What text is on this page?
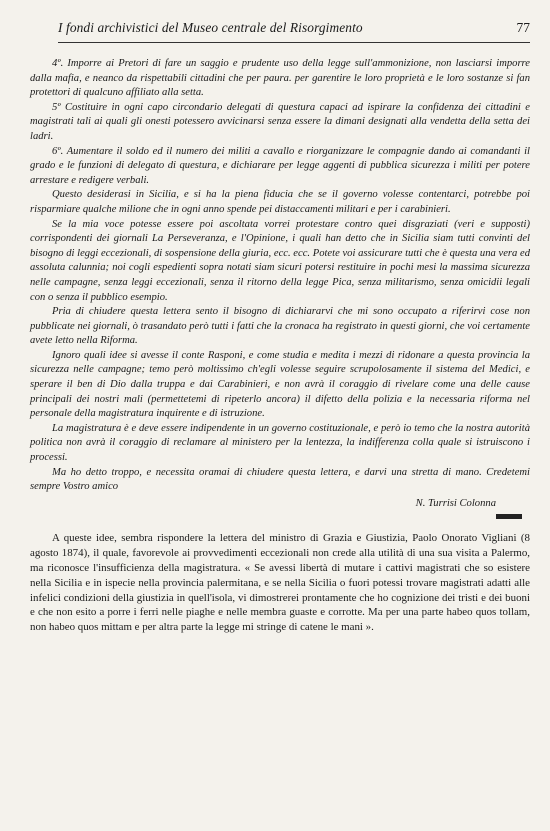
I fondi archivistici del Museo centrale del Risorgimento	77

4º. Imporre ai Pretori di fare un saggio e prudente uso della legge sull'ammonizione, non lasciarsi imporre dalla mafia, e neanco da rispettabili cittadini che per paura. per garentire le loro proprietà e le loro sostanze si fan protettori di qualcuno affiliato alla setta.

5º Costituire in ogni capo circondario delegati di questura capaci ad ispirare la confidenza dei cittadini e magistrati tali ai quali gli onesti potessero avvicinarsi senza essere la dimani designati alla vendetta della setta dei ladri.

6º. Aumentare il soldo ed il numero dei militi a cavallo e riorganizzare le compagnie dando ai comandanti il grado e le funzioni di delegato di questura, e dichiarare per legge aggenti di pubblica sicurezza i militi per potere arrestare e redigere verbali.

Questo desiderasi in Sicilia, e si ha la piena fiducia che se il governo volesse contentarci, potrebbe poi risparmiare qualche milione che in ogni anno spende pei distaccamenti militari e per i carabinieri.

Se la mia voce potesse essere poi ascoltata vorrei protestare contro quei disgraziati (veri e supposti) corrispondenti dei giornali La Perseveranza, e l'Opinione, i quali han detto che in Sicilia siam tutti convinti del bisogno di leggi eccezionali, di sospensione della giuria, ecc. ecc. Potete voi assicurare tutti che è questa una vera ed assoluta calunnia; noi cogli espedienti sopra notati siam sicuri potersi restituire in pochi mesi la massima sicurezza nelle campagne, senza leggi eccezionali, senza il ritorno della legge Pica, senza militarismo, senza omicidii legali con o senza il pubblico esempio.

Pria di chiudere questa lettera sento il bisogno di dichiararvi che mi sono occupato a riferirvi cose non pubblicate nei giornali, ò trasandato però tutti i fatti che la cronaca ha registrato in questi giorni, che voi certamente avete letto nella Riforma.

Ignoro quali idee si avesse il conte Rasponi, e come studia e medita i mezzi di ridonare a questa provincia la sicurezza nelle campagne; temo però moltissimo ch'egli volesse seguire scrupolosamente il sistema del Medici, e sperare il ben di Dio dalla truppa e dai Carabinieri, e non avrà il coraggio di rivelare come una delle cause principali dei nostri mali (permettetemi di ripeterlo ancora) il difetto della polizia e la necessaria riforma nel personale della magistratura inquirente e di istruzione.

La magistratura è e deve essere indipendente in un governo costituzionale, e però io temo che la nostra autorità politica non avrà il coraggio di reclamare al ministero per la lentezza, la indifferenza colla quale si istruiscono i processi.

Ma ho detto troppo, e necessita oramai di chiudere questa lettera, e darvi una stretta di mano. Credetemi sempre Vostro amico

N. Turrisi Colonna

A queste idee, sembra rispondere la lettera del ministro di Grazia e Giustizia, Paolo Onorato Vigliani (8 agosto 1874), il quale, favorevole ai provvedimenti eccezionali non crede alla utilità di una sua visita a Palermo, ma riconosce l'insufficienza della magistratura. « Se avessi libertà di mutare i cattivi magistrati che so esistere nella Sicilia e in ispecie nella provincia palermitana, e se nella Sicilia o fuori potessi trovare magistrati adatti alle infelici condizioni della giustizia in quell'isola, vi dimostrerei prontamente che ho cognizione dei tristi e dei buoni e che non esito a porre i ferri nelle piaghe e nelle membra guaste e corrotte. Ma per una parte habeo quos tollam, non habeo quos mittam e per altra parte la legge mi stringe di catene le mani ».
